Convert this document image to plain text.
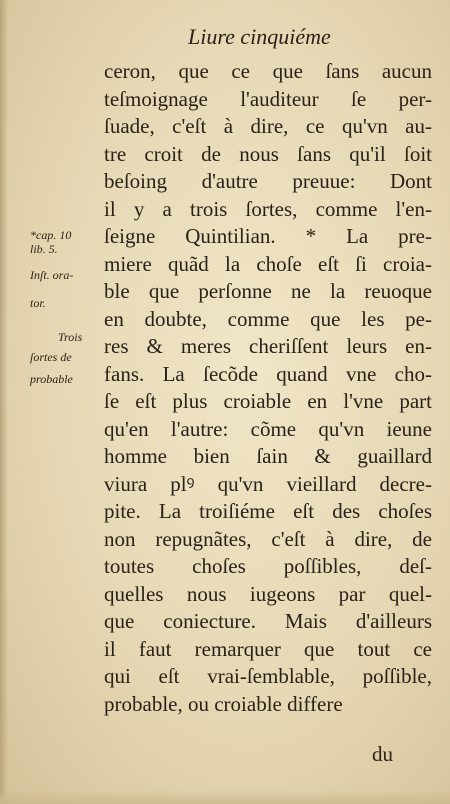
Liure cinquiéme
ceron, que ce que ſans aucun
teſmoignage l'auditeur ſe per-
ſuade, c'eſt à dire, ce qu'vn au-
tre croit de nous ſans qu'il ſoit
beſoing d'autre preuue: Dont
il y a trois ſortes, comme l'en-
ſeigne Quintilian. * La pre-
miere quãd la choſe eſt ſi croia-
ble que perſonne ne la reuoque
en doubte, comme que les pe-
res & meres cheriſſent leurs en-
fans. La ſecõde quand vne cho-
ſe eſt plus croiable en l'vne part
qu'en l'autre: cõme qu'vn ieune
homme bien ſain & guaillard
viura plꝰ qu'vn vieillard decre-
pite. La troiſiéme eſt des choſes
non repugnãtes, c'eſt à dire, de
toutes choſes poſſibles, deſ-
quelles nous iugeons par quel-
que coniecture. Mais d'ailleurs
il faut remarquer que tout ce
qui eſt vrai-ſemblable, poſſible,
probable, ou croiable differe
*cap. 10
lib. 5.
Inſt. ora-
tor.
Trois
ſortes de
probable
du
